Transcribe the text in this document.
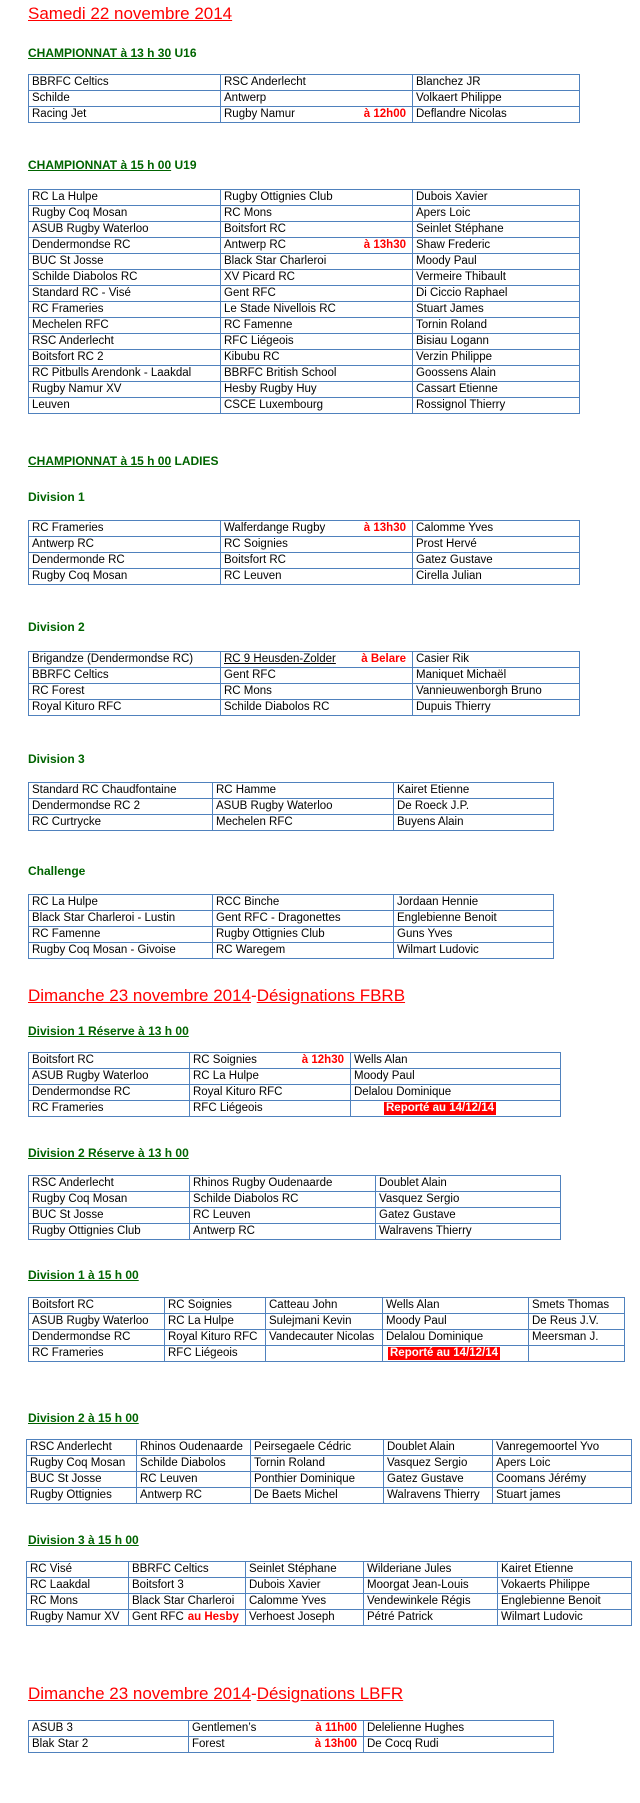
Samedi 22 novembre 2014
CHAMPIONNAT à 13 h 30 U16
BBRFC Celtics	RSC Anderlecht	Blanchez JR
Schilde	Antwerp	Volkaert Philippe
Racing Jet	Rugby Namur à 12h00	Deflandre Nicolas
CHAMPIONNAT à 15 h 00 U19
RC La Hulpe	Rugby Ottignies Club	Dubois Xavier
Rugby Coq Mosan	RC Mons	Apers Loic
ASUB Rugby Waterloo	Boitsfort RC	Seinlet Stéphane
Dendermondse RC	Antwerp RC à 13h30	Shaw Frederic
BUC St Josse	Black Star Charleroi	Moody Paul
Schilde Diabolos RC	XV Picard RC	Vermeire Thibault
Standard RC - Visé	Gent RFC	Di Ciccio Raphael
RC Frameries	Le Stade Nivellois RC	Stuart James
Mechelen RFC	RC Famenne	Tornin Roland
RSC Anderlecht	RFC Liégeois	Bisiau Logann
Boitsfort RC 2	Kibubu RC	Verzin Philippe
RC Pitbulls Arendonk - Laakdal	BBRFC British School	Goossens Alain
Rugby Namur XV	Hesby Rugby Huy	Cassart Etienne
Leuven	CSCE Luxembourg	Rossignol Thierry
CHAMPIONNAT à 15 h 00 LADIES
Division 1
RC Frameries	Walferdange Rugby à 13h30	Calomme Yves
Antwerp RC	RC Soignies	Prost Hervé
Dendermonde RC	Boitsfort RC	Gatez Gustave
Rugby Coq Mosan	RC Leuven	Cirella Julian
Division 2
Brigandze (Dendermondse RC)	RC 9 Heusden-Zolder à Belare	Casier Rik
BBRFC Celtics	Gent RFC	Maniquet Michaël
RC Forest	RC Mons	Vannieuwenborgh Bruno
Royal Kituro RFC	Schilde Diabolos RC	Dupuis Thierry
Division 3
Standard RC Chaudfontaine	RC Hamme	Kairet Etienne
Dendermondse RC 2	ASUB Rugby Waterloo	De Roeck J.P.
RC Curtrycke	Mechelen RFC	Buyens Alain
Challenge
RC La Hulpe	RCC Binche	Jordaan Hennie
Black Star Charleroi - Lustin	Gent RFC - Dragonettes	Englebienne Benoit
RC Famenne	Rugby Ottignies Club	Guns Yves
Rugby Coq Mosan - Givoise	RC Waregem	Wilmart Ludovic
Dimanche 23 novembre 2014-Désignations FBRB
Division 1 Réserve à 13 h 00
Boitsfort RC	RC Soignies à 12h30	Wells Alan
ASUB Rugby Waterloo	RC La Hulpe	Moody Paul
Dendermondse RC	Royal Kituro RFC	Delalou Dominique
RC Frameries	RFC Liégeois	Reporté au 14/12/14
Division 2 Réserve à 13 h 00
RSC Anderlecht	Rhinos Rugby Oudenaarde	Doublet Alain
Rugby Coq Mosan	Schilde Diabolos RC	Vasquez Sergio
BUC St Josse	RC Leuven	Gatez Gustave
Rugby Ottignies Club	Antwerp RC	Walravens Thierry
Division 1 à 15 h 00
Boitsfort RC	RC Soignies	Catteau John	Wells Alan	Smets Thomas
ASUB Rugby Waterloo	RC La Hulpe	Sulejmani Kevin	Moody Paul	De Reus J.V.
Dendermondse RC	Royal Kituro RFC	Vandecauter Nicolas	Delalou Dominique	Meersman J.
RC Frameries	RFC Liégeois		Reporté au 14/12/14	
Division 2 à 15 h 00
RSC Anderlecht	Rhinos Oudenaarde	Peirsegaele Cédric	Doublet Alain	Vanregemoortel Yvo
Rugby Coq Mosan	Schilde Diabolos	Tornin Roland	Vasquez Sergio	Apers Loic
BUC St Josse	RC Leuven	Ponthier Dominique	Gatez Gustave	Coomans Jérémy
Rugby Ottignies	Antwerp RC	De Baets Michel	Walravens Thierry	Stuart james
Division 3 à 15 h 00
RC Visé	BBRFC Celtics	Seinlet Stéphane	Wilderiane Jules	Kairet Etienne
RC Laakdal	Boitsfort 3	Dubois Xavier	Moorgat Jean-Louis	Vokaerts Philippe
RC Mons	Black Star Charleroi	Calomme Yves	Vendewinkele Régis	Englebienne Benoit
Rugby Namur XV	Gent RFC au Hesby	Verhoest Joseph	Pétré Patrick	Wilmart Ludovic
Dimanche 23 novembre 2014-Désignations LBFR
ASUB 3	Gentlemen’s à 11h00	Delelienne Hughes
Blak Star 2	Forest à 13h00	De Cocq Rudi
